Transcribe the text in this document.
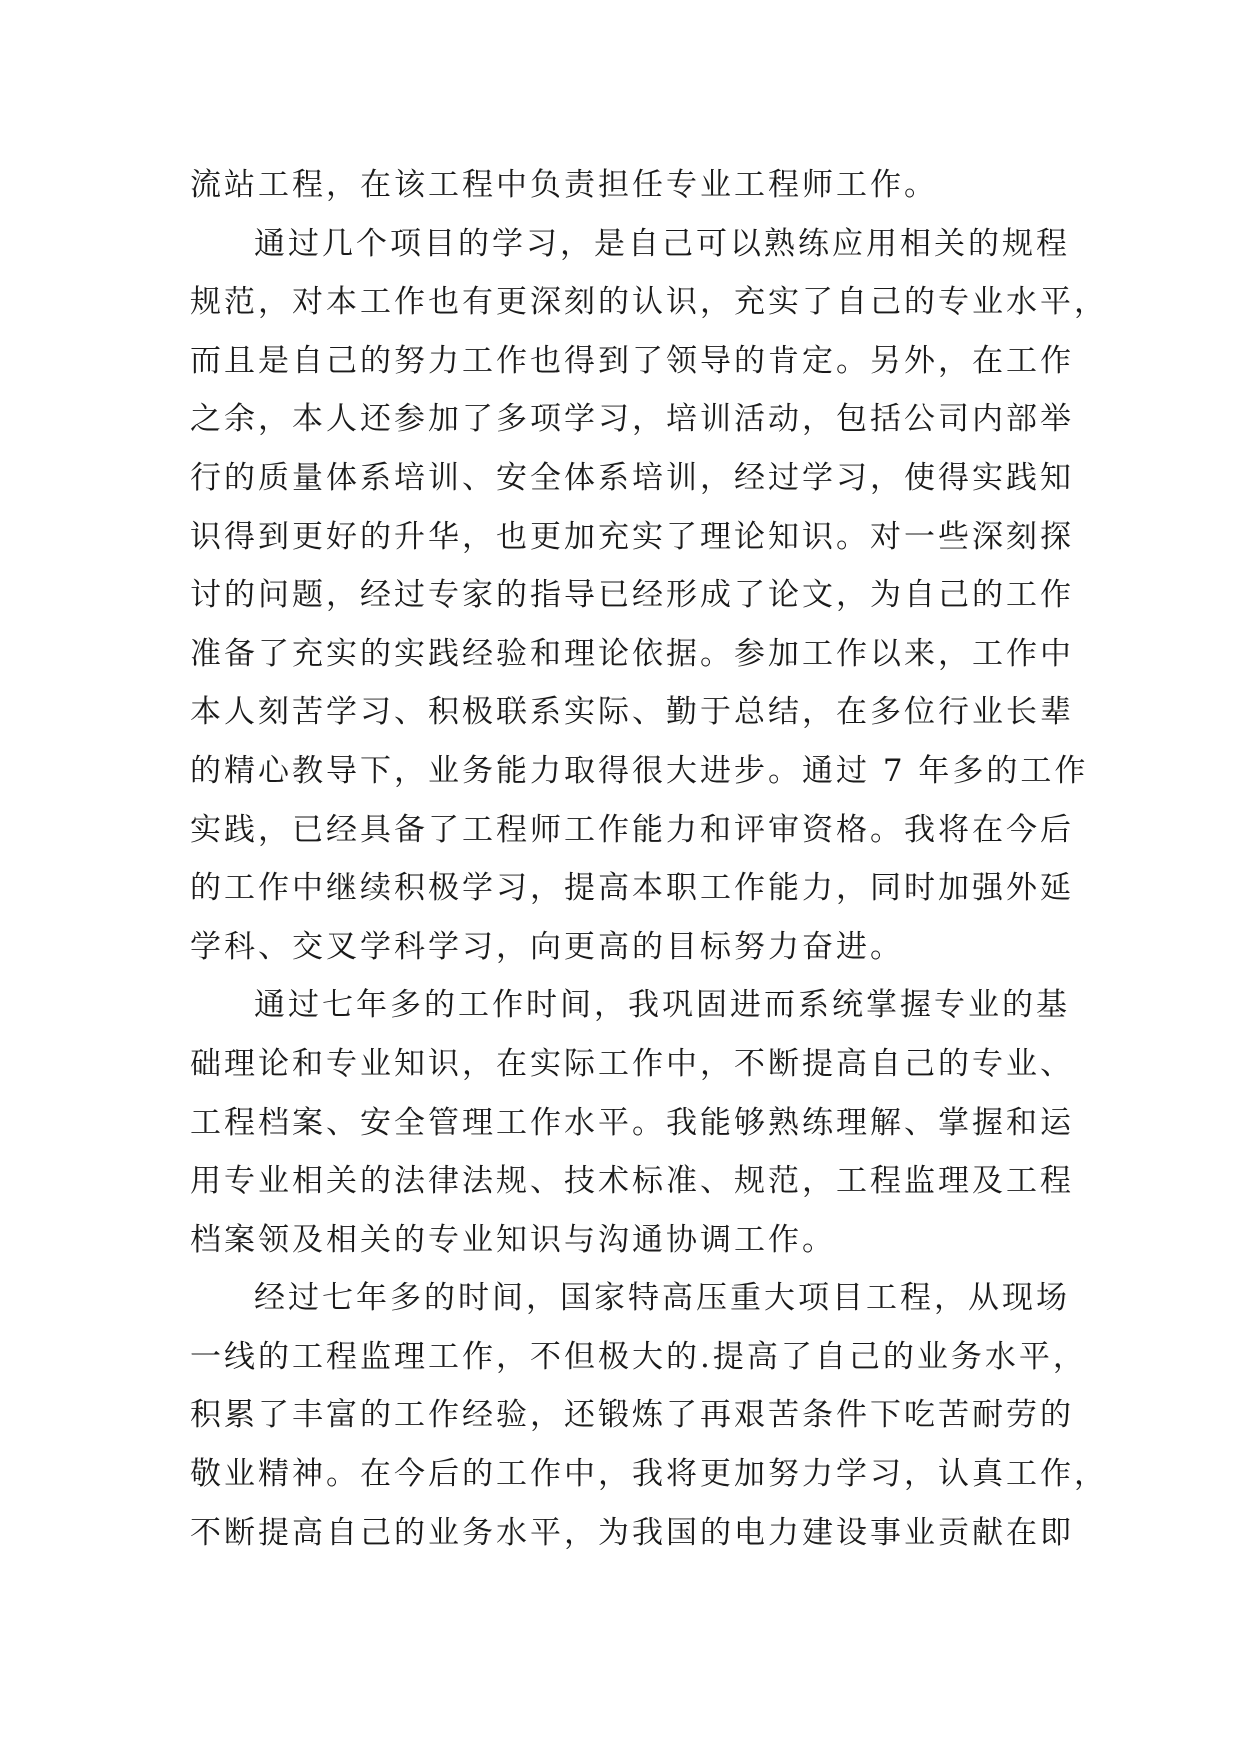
流站工程，在该工程中负责担任专业工程师工作。
通过几个项目的学习，是自己可以熟练应用相关的规程
规范，对本工作也有更深刻的认识，充实了自己的专业水平，
而且是自己的努力工作也得到了领导的肯定。另外，在工作
之余，本人还参加了多项学习，培训活动，包括公司内部举
行的质量体系培训、安全体系培训，经过学习，使得实践知
识得到更好的升华，也更加充实了理论知识。对一些深刻探
讨的问题，经过专家的指导已经形成了论文，为自己的工作
准备了充实的实践经验和理论依据。参加工作以来，工作中
本人刻苦学习、积极联系实际、勤于总结，在多位行业长辈
的精心教导下，业务能力取得很大进步。通过 7 年多的工作
实践，已经具备了工程师工作能力和评审资格。我将在今后
的工作中继续积极学习，提高本职工作能力，同时加强外延
学科、交叉学科学习，向更高的目标努力奋进。
通过七年多的工作时间，我巩固进而系统掌握专业的基
础理论和专业知识，在实际工作中，不断提高自己的专业、
工程档案、安全管理工作水平。我能够熟练理解、掌握和运
用专业相关的法律法规、技术标准、规范，工程监理及工程
档案领及相关的专业知识与沟通协调工作。
经过七年多的时间，国家特高压重大项目工程，从现场
一线的工程监理工作，不但极大的.提高了自己的业务水平，
积累了丰富的工作经验，还锻炼了再艰苦条件下吃苦耐劳的
敬业精神。在今后的工作中，我将更加努力学习，认真工作，
不断提高自己的业务水平，为我国的电力建设事业贡献在即
